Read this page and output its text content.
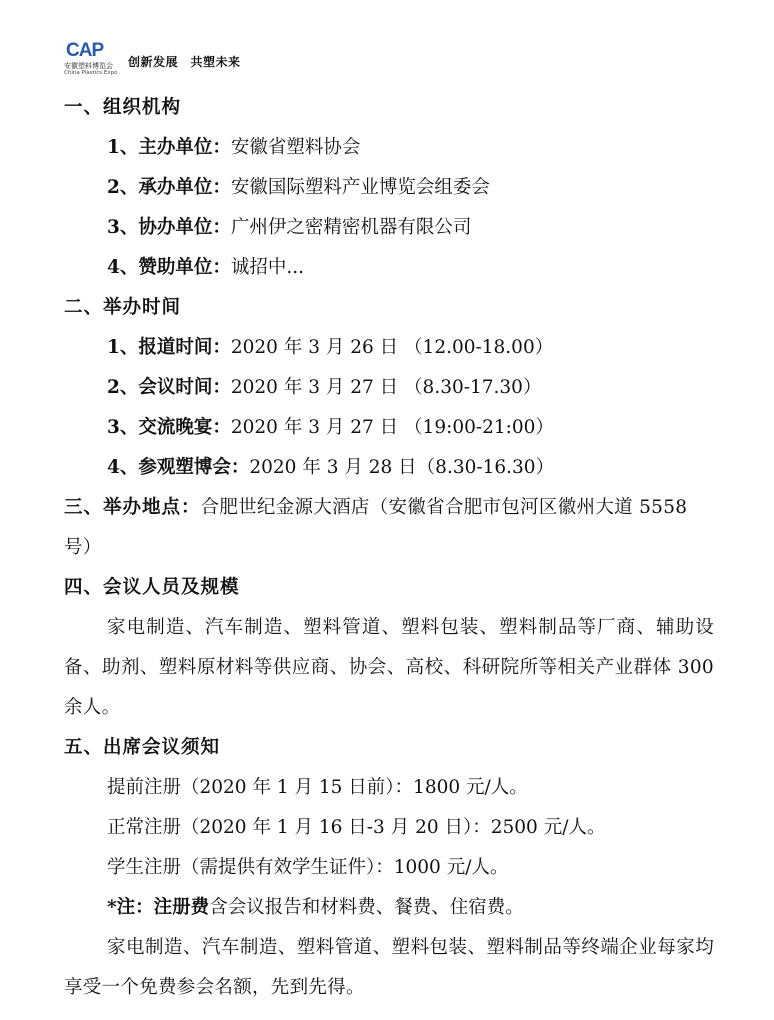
CAP
安徽塑料博览会
China Plastics Expo
创新发展　共塑未来
一、组织机构
1、主办单位：安徽省塑料协会
2、承办单位：安徽国际塑料产业博览会组委会
3、协办单位：广州伊之密精密机器有限公司
4、赞助单位：诚招中...
二、举办时间
1、报道时间：2020 年 3 月 26 日 （12.00-18.00）
2、会议时间：2020 年 3 月 27 日 （8.30-17.30）
3、交流晚宴：2020 年 3 月 27 日 （19:00-21:00）
4、参观塑博会：2020 年 3 月 28 日（8.30-16.30）

三、举办地点：合肥世纪金源大酒店（安徽省合肥市包河区徽州大道 5558 号）

四、会议人员及规模

家电制造、汽车制造、塑料管道、塑料包装、塑料制品等厂商、辅助设备、助剂、塑料原材料等供应商、协会、高校、科研院所等相关产业群体 300 余人。

五、出席会议须知
提前注册（2020 年 1 月 15 日前）：1800 元/人。
正常注册（2020 年 1 月 16 日-3 月 20 日）：2500 元/人。
学生注册（需提供有效学生证件）：1000 元/人。
*注：注册费含会议报告和材料费、餐费、住宿费。

家电制造、汽车制造、塑料管道、塑料包装、塑料制品等终端企业每家均享受一个免费参会名额，先到先得。
